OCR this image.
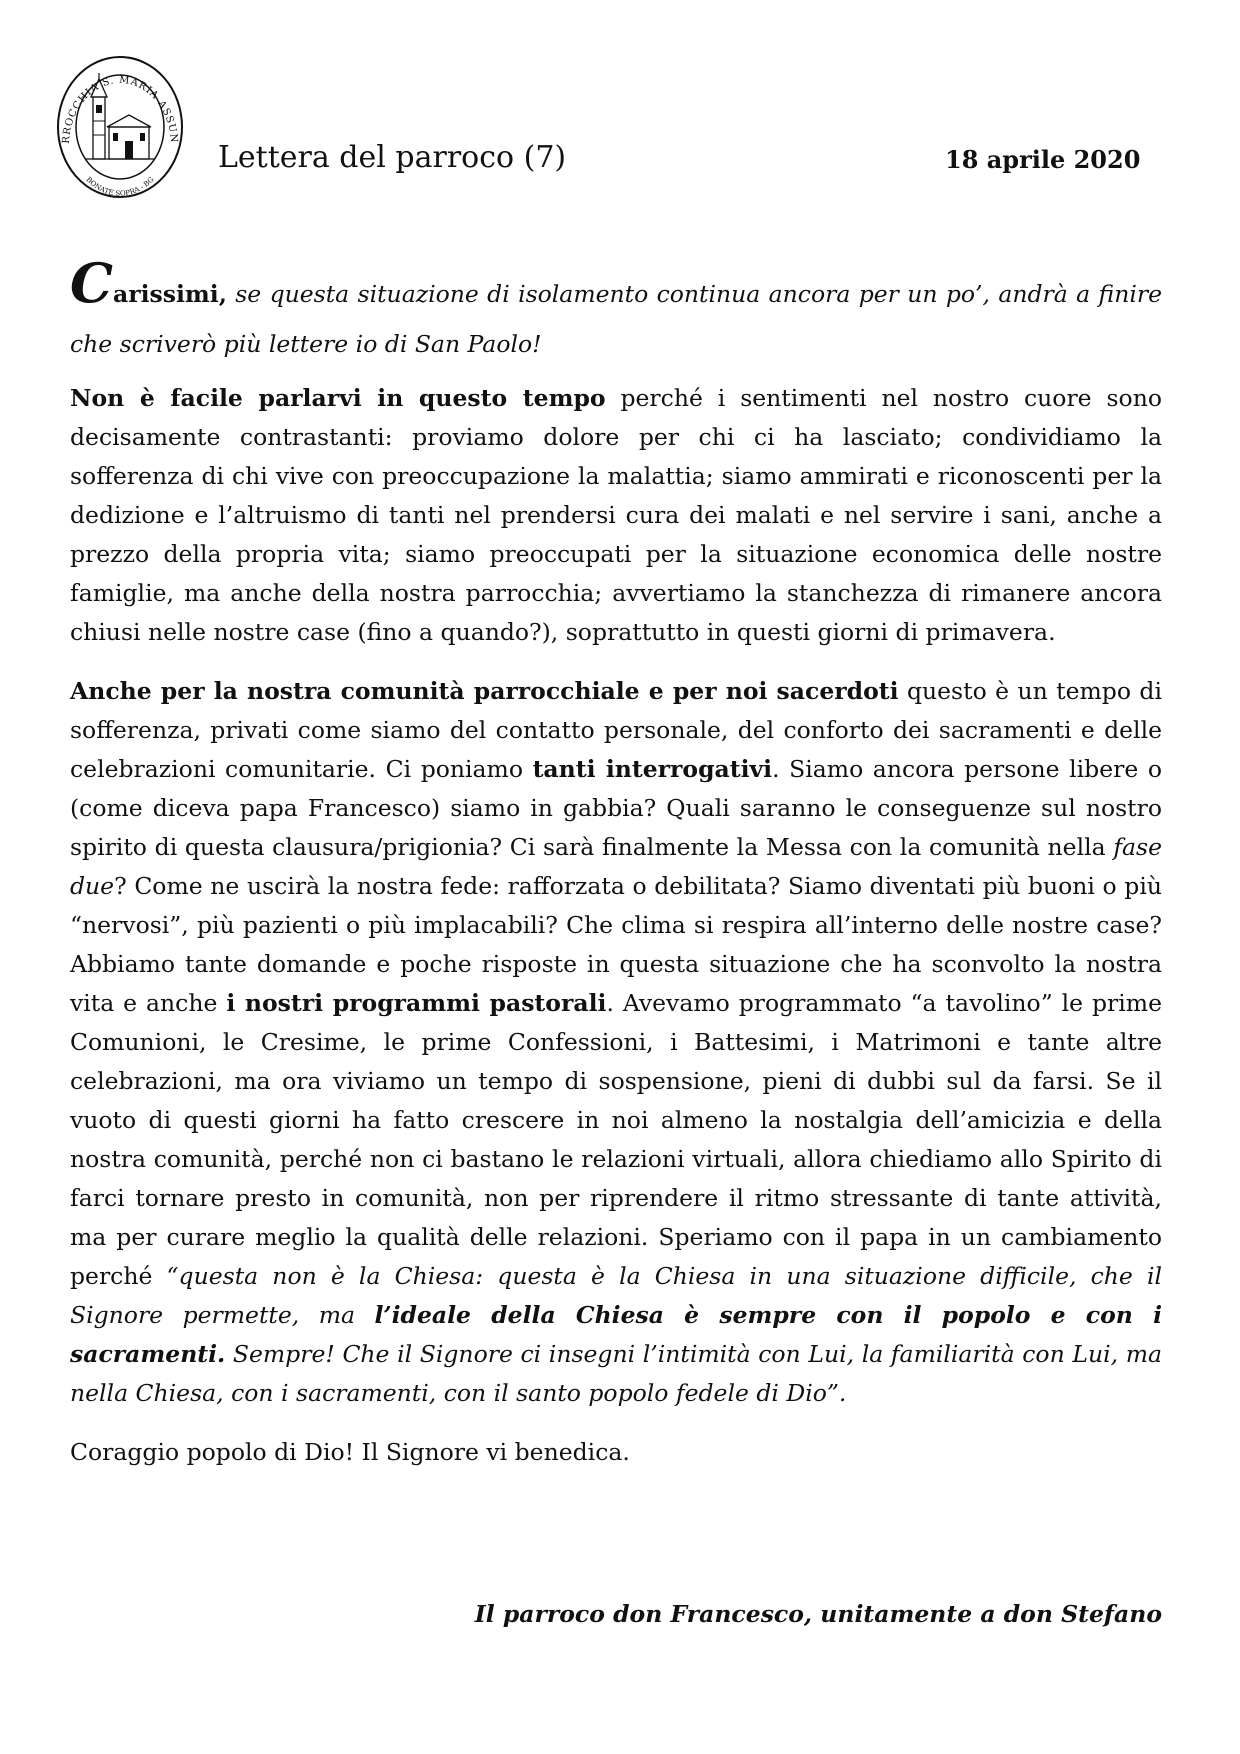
RROCCHIA S. MARIA ASSUN
BONATE SOPRA - BG
Lettera del parroco (7)	18 aprile 2020

Carissimi, se questa situazione di isolamento continua ancora per un po’, andrà a finire che scriverò più lettere io di San Paolo!

Non è facile parlarvi in questo tempo perché i sentimenti nel nostro cuore sono decisamente contrastanti: proviamo dolore per chi ci ha lasciato; condividiamo la sofferenza di chi vive con preoccupazione la malattia; siamo ammirati e riconoscenti per la dedizione e l’altruismo di tanti nel prendersi cura dei malati e nel servire i sani, anche a prezzo della propria vita; siamo preoccupati per la situazione economica delle nostre famiglie, ma anche della nostra parrocchia; avvertiamo la stanchezza di rimanere ancora chiusi nelle nostre case (fino a quando?), soprattutto in questi giorni di primavera.

Anche per la nostra comunità parrocchiale e per noi sacerdoti questo è un tempo di sofferenza, privati come siamo del contatto personale, del conforto dei sacramenti e delle celebrazioni comunitarie. Ci poniamo tanti interrogativi. Siamo ancora persone libere o (come diceva papa Francesco) siamo in gabbia? Quali saranno le conseguenze sul nostro spirito di questa clausura/prigionia? Ci sarà finalmente la Messa con la comunità nella fase due? Come ne uscirà la nostra fede: rafforzata o debilitata? Siamo diventati più buoni o più “nervosi”, più pazienti o più implacabili? Che clima si respira all’interno delle nostre case? Abbiamo tante domande e poche risposte in questa situazione che ha sconvolto la nostra vita e anche i nostri programmi pastorali. Avevamo programmato “a tavolino” le prime Comunioni, le Cresime, le prime Confessioni, i Battesimi, i Matrimoni e tante altre celebrazioni, ma ora viviamo un tempo di sospensione, pieni di dubbi sul da farsi. Se il vuoto di questi giorni ha fatto crescere in noi almeno la nostalgia dell’amicizia e della nostra comunità, perché non ci bastano le relazioni virtuali, allora chiediamo allo Spirito di farci tornare presto in comunità, non per riprendere il ritmo stressante di tante attività, ma per curare meglio la qualità delle relazioni. Speriamo con il papa in un cambiamento perché “questa non è la Chiesa: questa è la Chiesa in una situazione difficile, che il Signore permette, ma l’ideale della Chiesa è sempre con il popolo e con i sacramenti. Sempre! Che il Signore ci insegni l’intimità con Lui, la familiarità con Lui, ma nella Chiesa, con i sacramenti, con il santo popolo fedele di Dio”.

Coraggio popolo di Dio! Il Signore vi benedica.

Il parroco don Francesco, unitamente a don Stefano
